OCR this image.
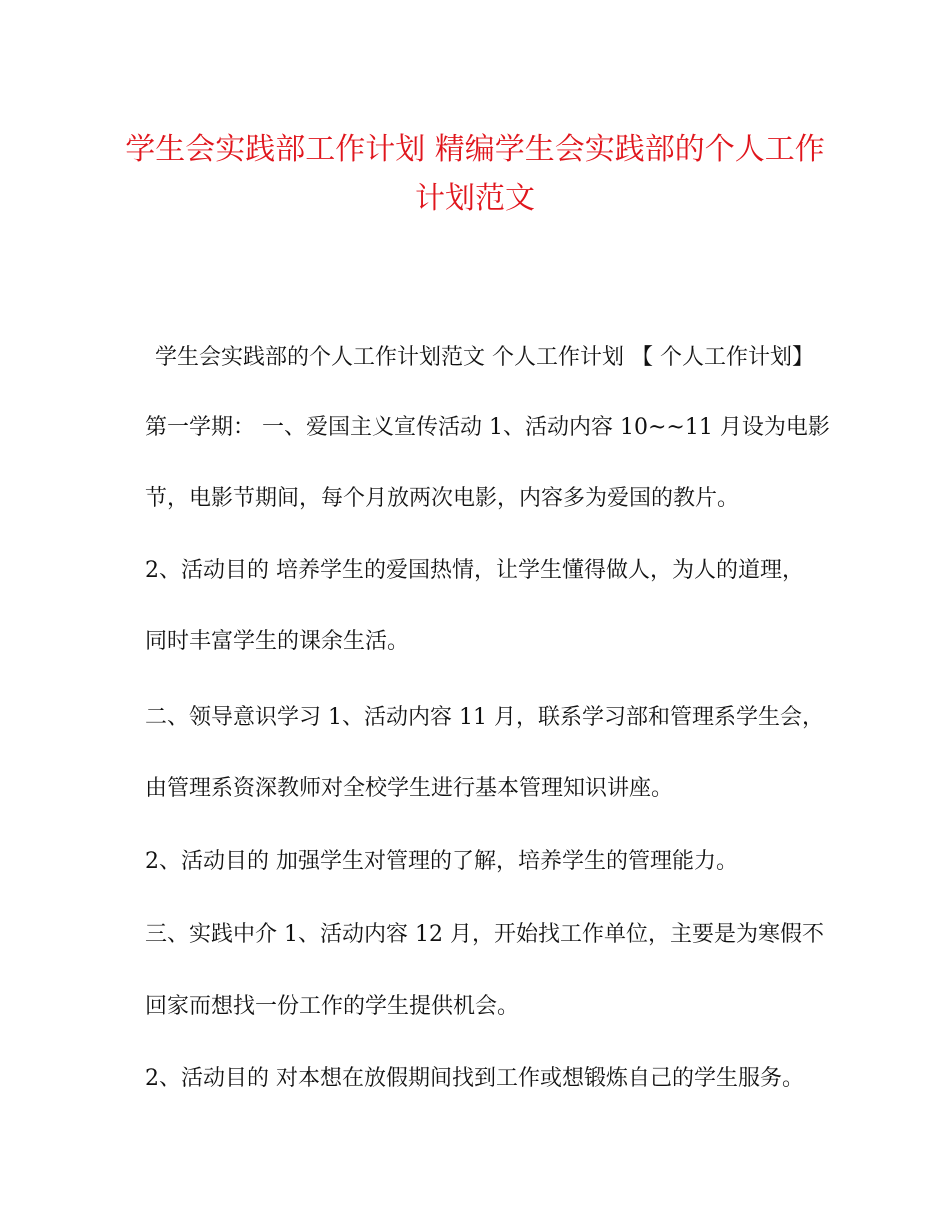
学生会实践部工作计划 精编学生会实践部的个人工作
计划范文
学生会实践部的个人工作计划范文 个人工作计划 【 个人工作计划】
第一学期： 一、爱国主义宣传活动 1、活动内容 10~~11 月设为电影
节，电影节期间，每个月放两次电影，内容多为爱国的教片。
2、活动目的 培养学生的爱国热情，让学生懂得做人，为人的道理，
同时丰富学生的课余生活。
二、领导意识学习 1、活动内容 11 月，联系学习部和管理系学生会，
由管理系资深教师对全校学生进行基本管理知识讲座。
2、活动目的 加强学生对管理的了解，培养学生的管理能力。
三、实践中介 1、活动内容 12 月，开始找工作单位，主要是为寒假不
回家而想找一份工作的学生提供机会。
2、活动目的 对本想在放假期间找到工作或想锻炼自己的学生服务。
